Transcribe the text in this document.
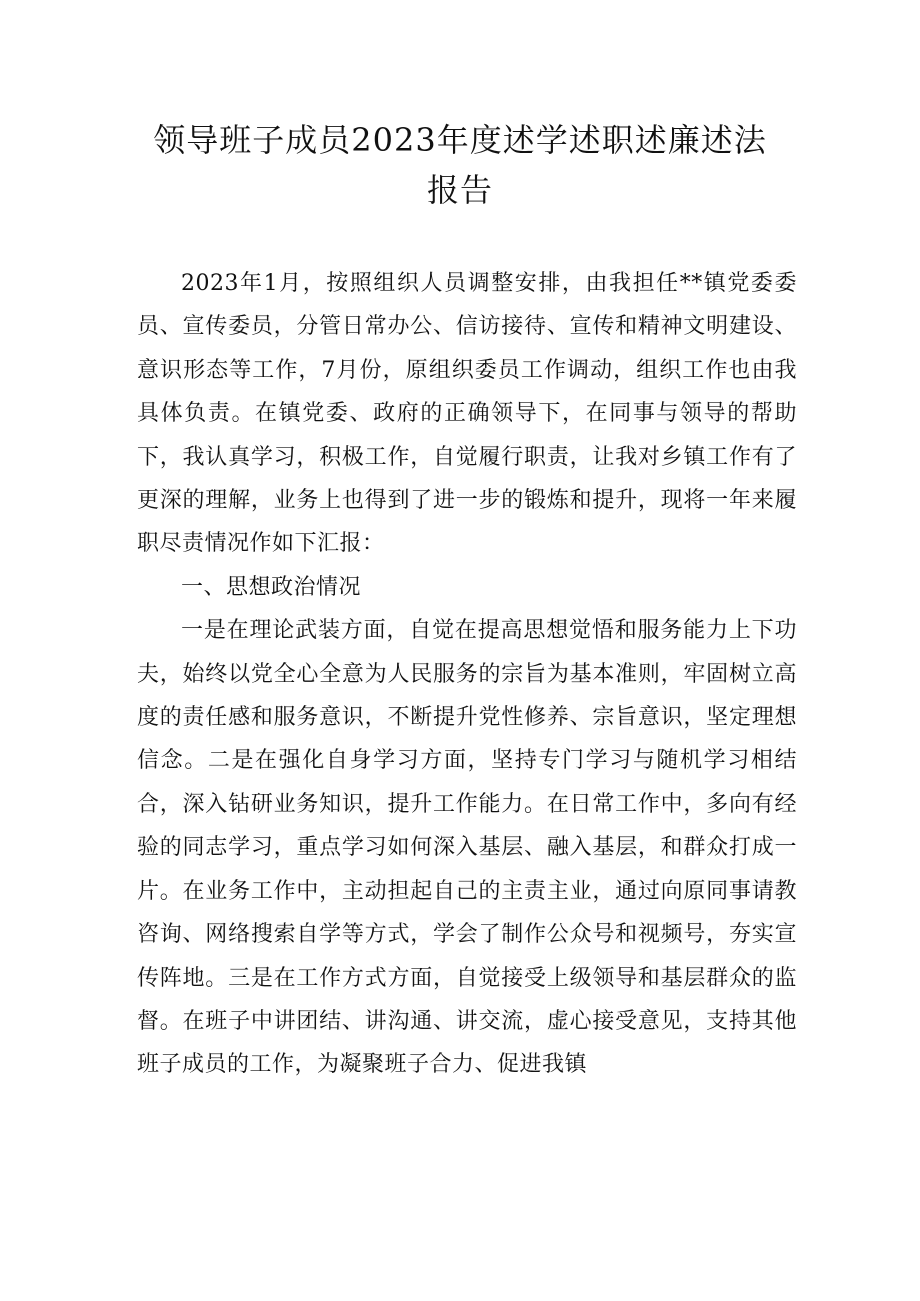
领导班子成员2023年度述学述职述廉述法
报告

2023年1月，按照组织人员调整安排，由我担任**镇党委委员、宣传委员，分管日常办公、信访接待、宣传和精神文明建设、意识形态等工作，7月份，原组织委员工作调动，组织工作也由我具体负责。在镇党委、政府的正确领导下，在同事与领导的帮助下，我认真学习，积极工作，自觉履行职责，让我对乡镇工作有了更深的理解，业务上也得到了进一步的锻炼和提升，现将一年来履职尽责情况作如下汇报：

一、思想政治情况

一是在理论武装方面，自觉在提高思想觉悟和服务能力上下功夫，始终以党全心全意为人民服务的宗旨为基本准则，牢固树立高度的责任感和服务意识，不断提升党性修养、宗旨意识，坚定理想信念。二是在强化自身学习方面，坚持专门学习与随机学习相结合，深入钻研业务知识，提升工作能力。在日常工作中，多向有经验的同志学习，重点学习如何深入基层、融入基层，和群众打成一片。在业务工作中，主动担起自己的主责主业，通过向原同事请教咨询、网络搜索自学等方式，学会了制作公众号和视频号，夯实宣传阵地。三是在工作方式方面，自觉接受上级领导和基层群众的监督。在班子中讲团结、讲沟通、讲交流，虚心接受意见，支持其他班子成员的工作，为凝聚班子合力、促进我镇
